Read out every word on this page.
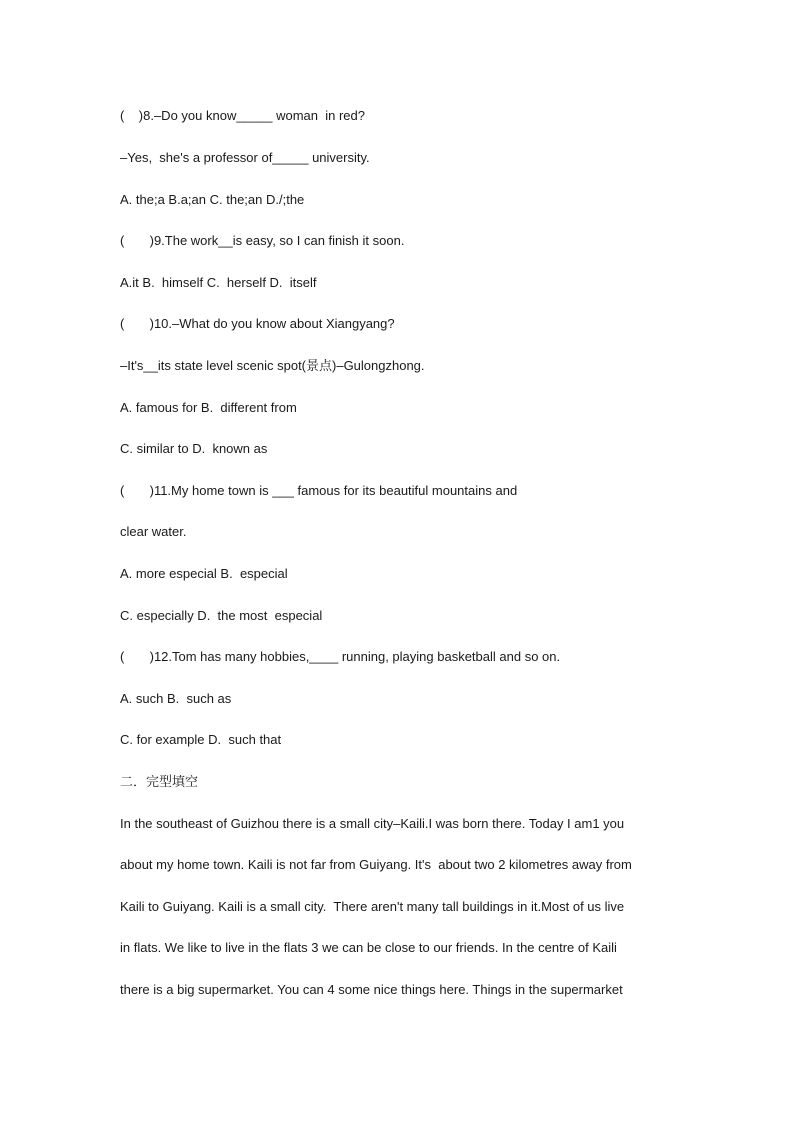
(    )8.–Do you know_____ woman  in red?
–Yes,  she's a professor of_____ university.
A. the;a B.a;an C. the;an D./;the
(       )9.The work__is easy, so I can finish it soon.
A.it B.  himself C.  herself D.  itself
(       )10.–What do you know about Xiangyang?
–It's__its state level scenic spot(景点)–Gulongzhong.
A. famous for B.  different from
C. similar to D.  known as
(       )11.My home town is ___ famous for its beautiful mountains and
clear water.
A. more especial B.  especial
C. especially D.  the most  especial
(       )12.Tom has many hobbies,____ running, playing basketball and so on.
A. such B.  such as
C. for example D.  such that
二．完型填空
In the southeast of Guizhou there is a small city–Kaili.I was born there. Today I am1 you
about my home town. Kaili is not far from Guiyang. It's  about two 2 kilometres away from
Kaili to Guiyang. Kaili is a small city.  There aren't many tall buildings in it.Most of us live
in flats. We like to live in the flats 3 we can be close to our friends. In the centre of Kaili
there is a big supermarket. You can 4 some nice things here. Things in the supermarket
